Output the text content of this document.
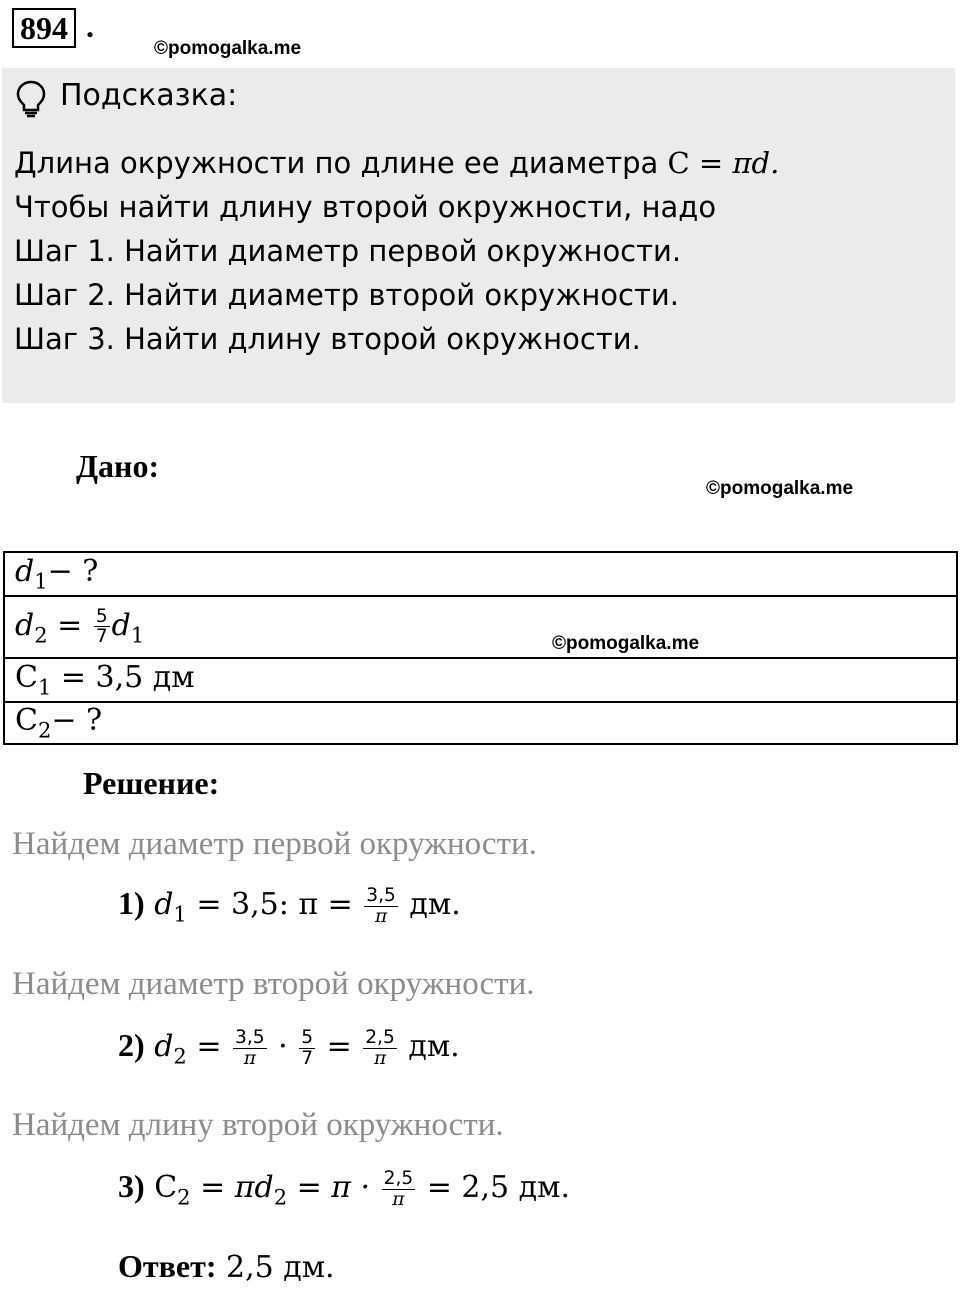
894 .
©pomogalka.me
Подсказка:
Длина окружности по длине ее диаметра C = πd.
Чтобы найти длину второй окружности, надо
Шаг 1. Найти диаметр первой окружности.
Шаг 2. Найти диаметр второй окружности.
Шаг 3. Найти длину второй окружности.
Дано:
©pomogalka.me
$d_1-$ ?
$d_2 = \frac{5}{7} d_1$	©pomogalka.me

$C_1 = 3,5$ дм
$C_2-$ ?
Решение:
Найдем диаметр первой окружности.
1) $d_1 = 3,5$: $\pi = \frac{3,5}{\pi}$ дм.
Найдем диаметр второй окружности.
2) $d_2 = \frac{3,5}{\pi} \cdot \frac{5}{7} = \frac{2,5}{\pi}$ дм.
Найдем длину второй окружности.
3) $C_2 = \pi d_2 = \pi \cdot \frac{2,5}{\pi} = 2,5$ дм.
Ответ: 2,5 дм.
